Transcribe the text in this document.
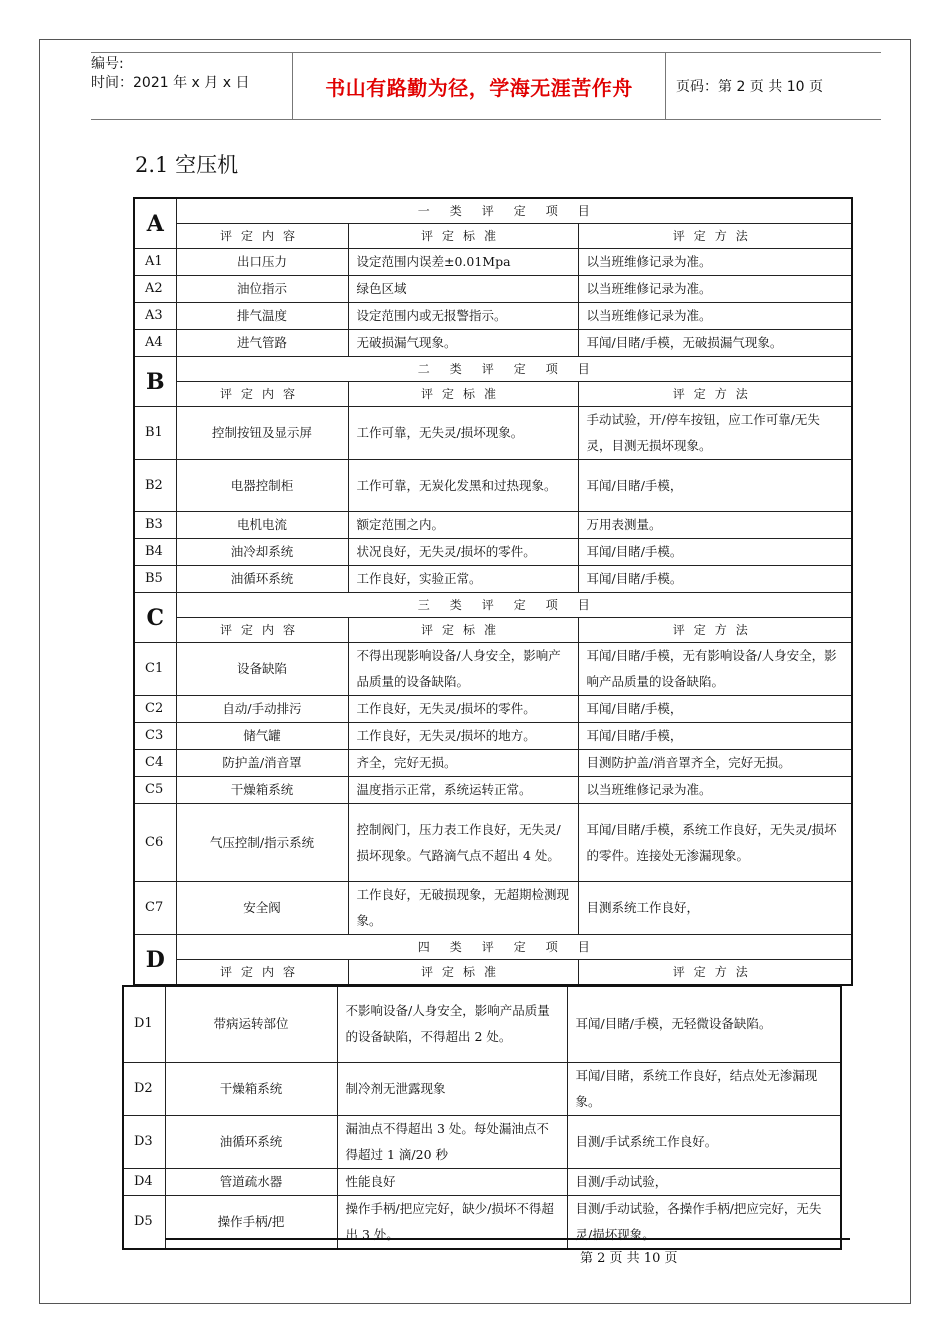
编号:
时间：2021 年 x 月 x 日	书山有路勤为径，学海无涯苦作舟	页码：第 2 页 共 10 页
2.1 空压机
A	一类评定项目		
	评定内容	评定标准	评定方法
A1	出口压力	设定范围内误差±0.01Mpa	以当班维修记录为准。
A2	油位指示	绿色区域	以当班维修记录为准。
A3	排气温度	设定范围内或无报警指示。	以当班维修记录为准。
A4	进气管路	无破损漏气现象。	耳闻/目睹/手模，无破损漏气现象。
B	二类评定项目		
	评定内容	评定标准	评定方法
B1	控制按钮及显示屏	工作可靠，无失灵/损坏现象。	手动试验，开/停车按钮，应工作可靠/无失灵，目测无损坏现象。
B2	电器控制柜	工作可靠，无炭化发黑和过热现象。	耳闻/目睹/手模，
B3	电机电流	额定范围之内。	万用表测量。
B4	油冷却系统	状况良好，无失灵/损坏的零件。	耳闻/目睹/手模。
B5	油循环系统	工作良好，实验正常。	耳闻/目睹/手模。
C	三类评定项目		
	评定内容	评定标准	评定方法
C1	设备缺陷	不得出现影响设备/人身安全，影响产品质量的设备缺陷。	耳闻/目睹/手模，无有影响设备/人身安全，影响产品质量的设备缺陷。
C2	自动/手动排污	工作良好，无失灵/损坏的零件。	耳闻/目睹/手模，
C3	储气罐	工作良好，无失灵/损坏的地方。	耳闻/目睹/手模，
C4	防护盖/消音罩	齐全，完好无损。	目测防护盖/消音罩齐全，完好无损。
C5	干燥箱系统	温度指示正常，系统运转正常。	以当班维修记录为准。
C6	气压控制/指示系统	控制阀门，压力表工作良好，无失灵/损坏现象。气路滴气点不超出 4 处。	耳闻/目睹/手模，系统工作良好，无失灵/损坏的零件。连接处无渗漏现象。
C7	安全阀	工作良好，无破损现象，无超期检测现象。	目测系统工作良好，
D	四类评定项目		
	评定内容	评定标准	评定方法
D1	带病运转部位	不影响设备/人身安全，影响产品质量的设备缺陷，不得超出 2 处。	耳闻/目睹/手模，无轻微设备缺陷。
D2	干燥箱系统	制冷剂无泄露现象	耳闻/目睹，系统工作良好，结点处无渗漏现象。
D3	油循环系统	漏油点不得超出 3 处。每处漏油点不得超过 1 滴/20 秒	目测/手试系统工作良好。
D4	管道疏水器	性能良好	目测/手动试验，
D5	操作手柄/把	操作手柄/把应完好，缺少/损坏不得超出 3 处。	目测/手动试验，各操作手柄/把应完好，无失灵/损坏现象。
第 2 页 共 10 页
